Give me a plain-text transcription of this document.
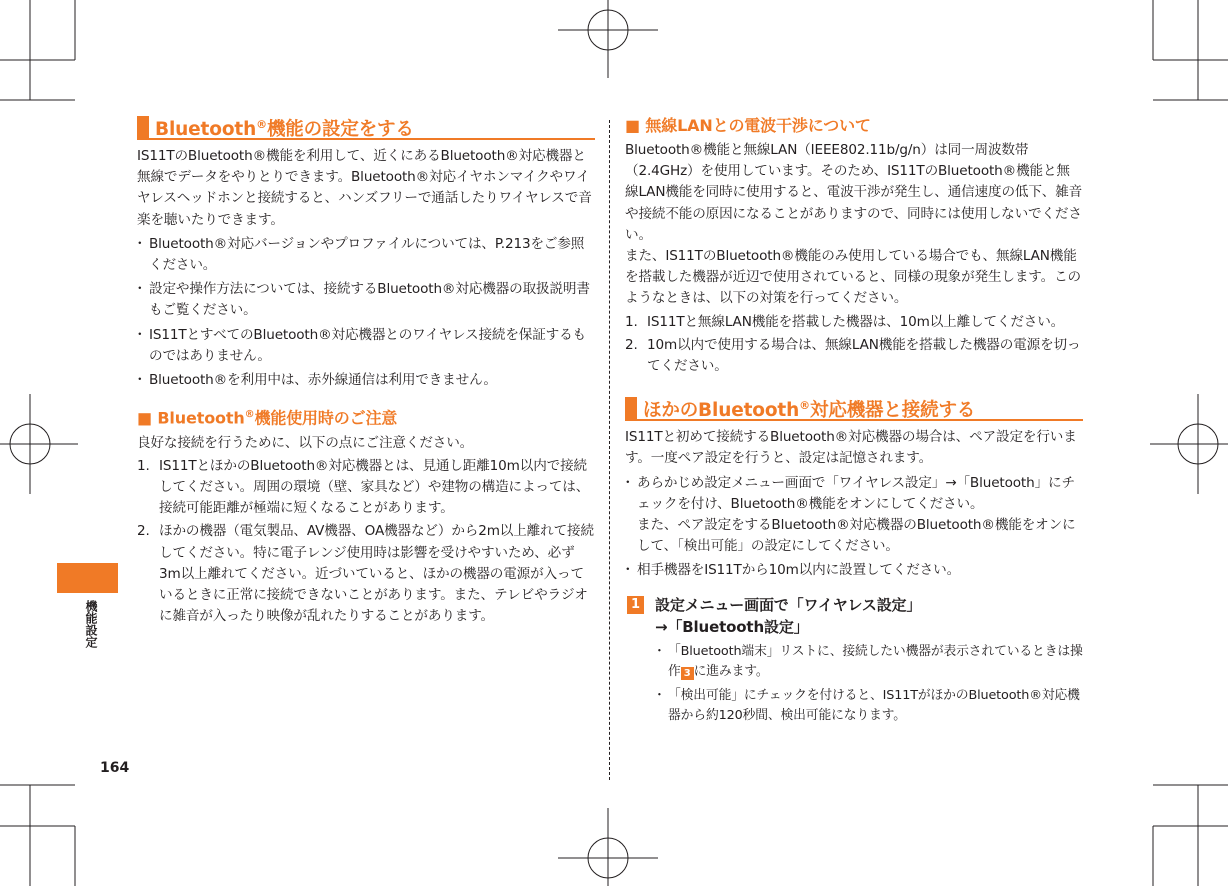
機能設定
164
Bluetooth®機能の設定をする

IS11TのBluetooth®機能を利用して、近くにあるBluetooth®対応機器と無線でデータをやりとりできます。Bluetooth®対応イヤホンマイクやワイヤレスヘッドホンと接続すると、ハンズフリーで通話したりワイヤレスで音楽を聴いたりできます。

・ Bluetooth®対応バージョンやプロファイルについては、P.213をご参照ください。
・ 設定や操作方法については、接続するBluetooth®対応機器の取扱説明書もご覧ください。
・ IS11TとすべてのBluetooth®対応機器とのワイヤレス接続を保証するものではありません。
・ Bluetooth®を利用中は、赤外線通信は利用できません。
■ Bluetooth®機能使用時のご注意

良好な接続を行うために、以下の点にご注意ください。

1. IS11TとほかのBluetooth®対応機器とは、見通し距離10m以内で接続してください。周囲の環境（壁、家具など）や建物の構造によっては、接続可能距離が極端に短くなることがあります。
2. ほかの機器（電気製品、AV機器、OA機器など）から2m以上離れて接続してください。特に電子レンジ使用時は影響を受けやすいため、必ず3m以上離れてください。近づいていると、ほかの機器の電源が入っているときに正常に接続できないことがあります。また、テレビやラジオに雑音が入ったり映像が乱れたりすることがあります。
■ 無線LANとの電波干渉について

Bluetooth®機能と無線LAN（IEEE802.11b/g/n）は同一周波数帯（2.4GHz）を使用しています。そのため、IS11TのBluetooth®機能と無線LAN機能を同時に使用すると、電波干渉が発生し、通信速度の低下、雑音や接続不能の原因になることがありますので、同時には使用しないでください。

また、IS11TのBluetooth®機能のみ使用している場合でも、無線LAN機能を搭載した機器が近辺で使用されていると、同様の現象が発生します。このようなときは、以下の対策を行ってください。

1. IS11Tと無線LAN機能を搭載した機器は、10m以上離してください。
2. 10m以内で使用する場合は、無線LAN機能を搭載した機器の電源を切ってください。
ほかのBluetooth®対応機器と接続する

IS11Tと初めて接続するBluetooth®対応機器の場合は、ペア設定を行います。一度ペア設定を行うと、設定は記憶されます。

・ あらかじめ設定メニュー画面で「ワイヤレス設定」→「Bluetooth」にチェックを付け、Bluetooth®機能をオンにしてください。

また、ペア設定をするBluetooth®対応機器のBluetooth®機能をオンにして、「検出可能」の設定にしてください。

・ 相手機器をIS11Tから10m以内に設置してください。
1 設定メニュー画面で「ワイヤレス設定」
→「Bluetooth設定」
・ 「Bluetooth端末」リストに、接続したい機器が表示されているときは操作 3 に進みます。
・ 「検出可能」にチェックを付けると、IS11TがほかのBluetooth®対応機器から約120秒間、検出可能になります。
